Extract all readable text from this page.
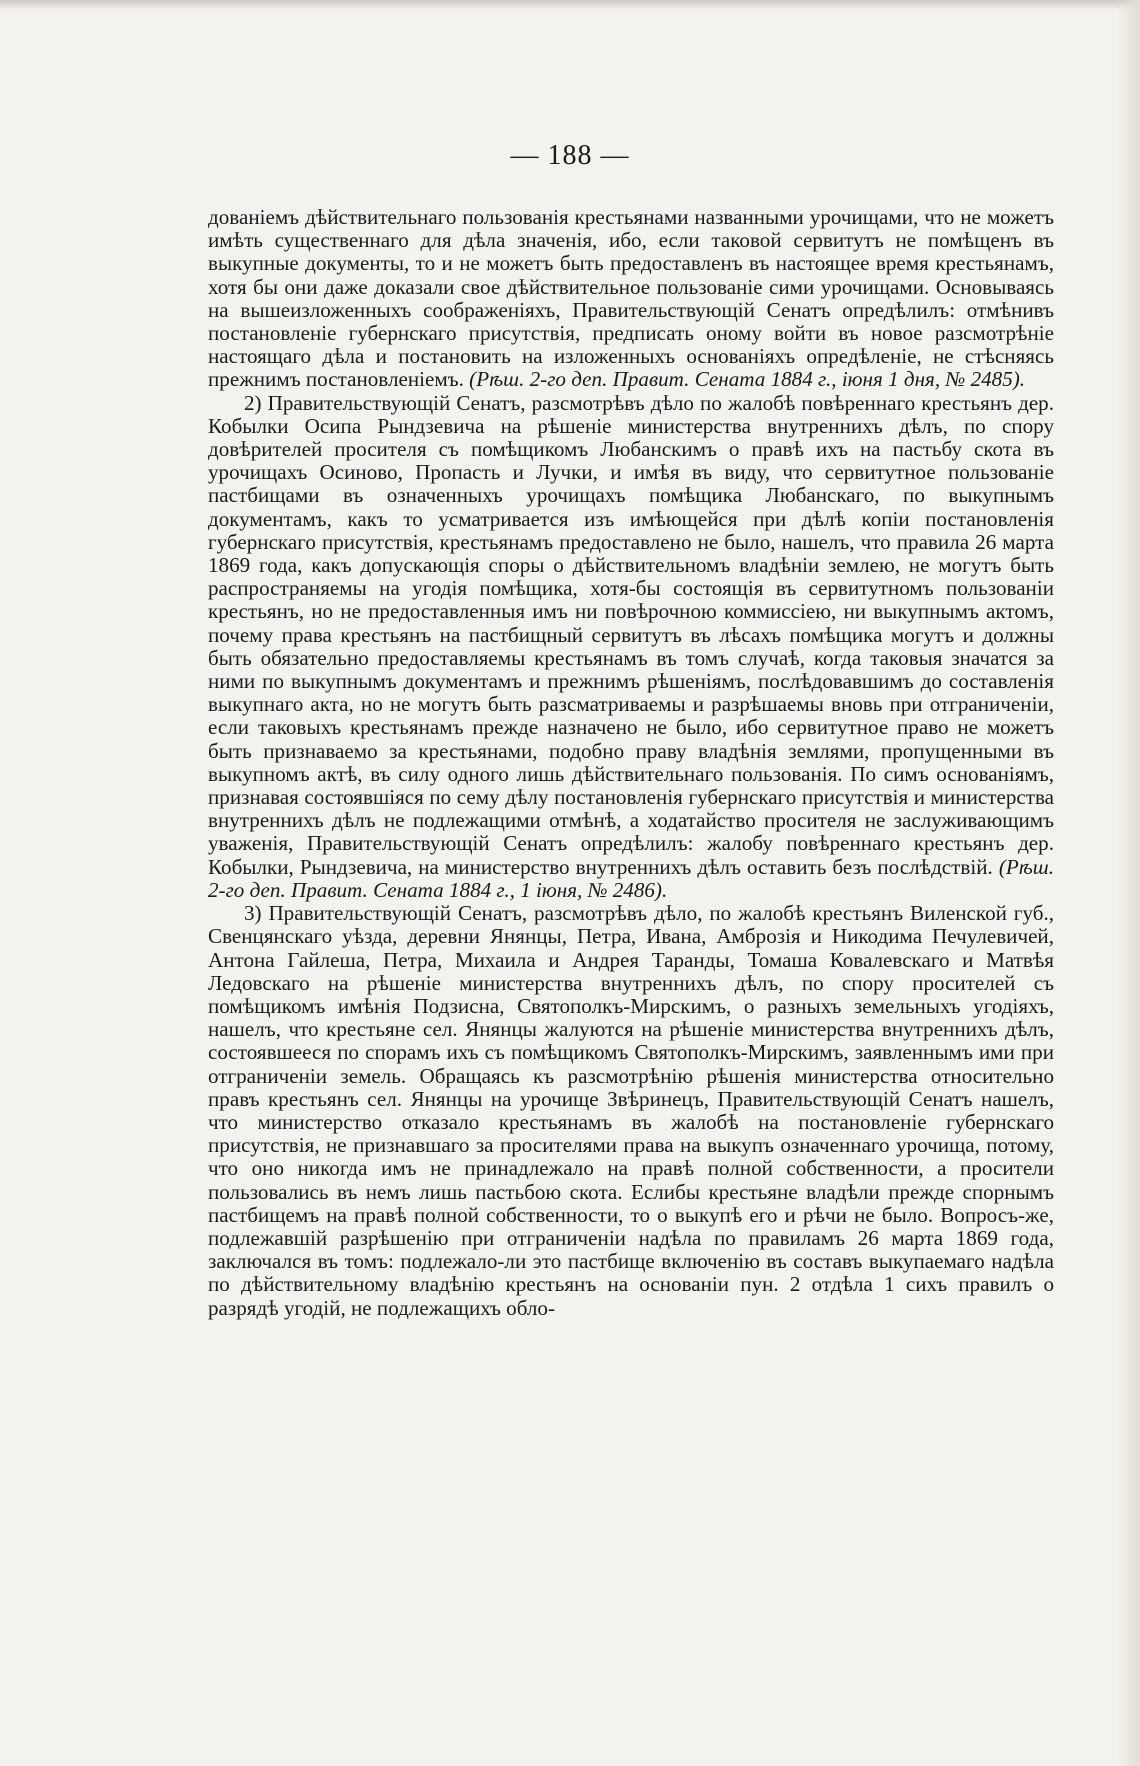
— 188 —

дованіемъ дѣйствительнаго пользованія крестьянами названными урочищами, что не можетъ имѣть существеннаго для дѣла значенія, ибо, если таковой сервитутъ не помѣщенъ въ выкупные документы, то и не можетъ быть предоставленъ въ настоящее время крестьянамъ, хотя бы они даже доказали свое дѣйствительное пользованіе сими урочищами. Основываясь на вышеизложенныхъ соображеніяхъ, Правительствующій Сенатъ опредѣлилъ: отмѣнивъ постановленіе губернскаго присутствія, предписать оному войти въ новое разсмотрѣніе настоящаго дѣла и постановить на изложенныхъ основаніяхъ опредѣленіе, не стѣсняясь прежнимъ постановленіемъ. (Рѣш. 2-го деп. Правит. Сената 1884 г., іюня 1 дня, № 2485).

2) Правительствующій Сенатъ, разсмотрѣвъ дѣло по жалобѣ повѣреннаго крестьянъ дер. Кобылки Осипа Рындзевича на рѣшеніе министерства внутреннихъ дѣлъ, по спору довѣрителей просителя съ помѣщикомъ Любанскимъ о правѣ ихъ на пастьбу скота въ урочищахъ Осиново, Пропасть и Лучки, и имѣя въ виду, что сервитутное пользованіе пастбищами въ означенныхъ урочищахъ помѣщика Любанскаго, по выкупнымъ документамъ, какъ то усматривается изъ имѣющейся при дѣлѣ копіи постановленія губернскаго присутствія, крестьянамъ предоставлено не было, нашелъ, что правила 26 марта 1869 года, какъ допускающія споры о дѣйствительномъ владѣніи землею, не могутъ быть распространяемы на угодія помѣщика, хотя-бы состоящія въ сервитутномъ пользованіи крестьянъ, но не предоставленныя имъ ни повѣрочною коммиссіею, ни выкупнымъ актомъ, почему права крестьянъ на пастбищный сервитутъ въ лѣсахъ помѣщика могутъ и должны быть обязательно предоставляемы крестьянамъ въ томъ случаѣ, когда таковыя значатся за ними по выкупнымъ документамъ и прежнимъ рѣшеніямъ, послѣдовавшимъ до составленія выкупнаго акта, но не могутъ быть разсматриваемы и разрѣшаемы вновь при отграниченіи, если таковыхъ крестьянамъ прежде назначено не было, ибо сервитутное право не можетъ быть признаваемо за крестьянами, подобно праву владѣнія землями, пропущенными въ выкупномъ актѣ, въ силу одного лишь дѣйствительнаго пользованія. По симъ основаніямъ, признавая состоявшіяся по сему дѣлу постановленія губернскаго присутствія и министерства внутреннихъ дѣлъ не подлежащими отмѣнѣ, а ходатайство просителя не заслуживающимъ уваженія, Правительствующій Сенатъ опредѣлилъ: жалобу повѣреннаго крестьянъ дер. Кобылки, Рындзевича, на министерство внутреннихъ дѣлъ оставить безъ послѣдствій. (Рѣш. 2-го деп. Правит. Сената 1884 г., 1 іюня, № 2486).

3) Правительствующій Сенатъ, разсмотрѣвъ дѣло, по жалобѣ крестьянъ Виленской губ., Свенцянскаго уѣзда, деревни Янянцы, Петра, Ивана, Амброзія и Никодима Печулевичей, Антона Гайлеша, Петра, Михаила и Андрея Таранды, Томаша Ковалевскаго и Матвѣя Ледовскаго на рѣшеніе министерства внутреннихъ дѣлъ, по спору просителей съ помѣщикомъ имѣнія Подзисна, Святополкъ-Мирскимъ, о разныхъ земельныхъ угодіяхъ, нашелъ, что крестьяне сел. Янянцы жалуются на рѣшеніе министерства внутреннихъ дѣлъ, состоявшееся по спорамъ ихъ съ помѣщикомъ Святополкъ-Мирскимъ, заявленнымъ ими при отграниченіи земель. Обращаясь къ разсмотрѣнію рѣшенія министерства относительно правъ крестьянъ сел. Янянцы на урочище Звѣринецъ, Правительствующій Сенатъ нашелъ, что министерство отказало крестьянамъ въ жалобѣ на постановленіе губернскаго присутствія, не признавшаго за просителями права на выкупъ означеннаго урочища, потому, что оно никогда имъ не принадлежало на правѣ полной собственности, а просители пользовались въ немъ лишь пастьбою скота. Еслибы крестьяне владѣли прежде спорнымъ пастбищемъ на правѣ полной собственности, то о выкупѣ его и рѣчи не было. Вопросъ-же, подлежавшій разрѣшенію при отграниченіи надѣла по правиламъ 26 марта 1869 года, заключался въ томъ: подлежало-ли это пастбище включенію въ составъ выкупаемаго надѣла по дѣйствительному владѣнію крестьянъ на основаніи пун. 2 отдѣла 1 сихъ правилъ о разрядѣ угодій, не подлежащихъ обло-
